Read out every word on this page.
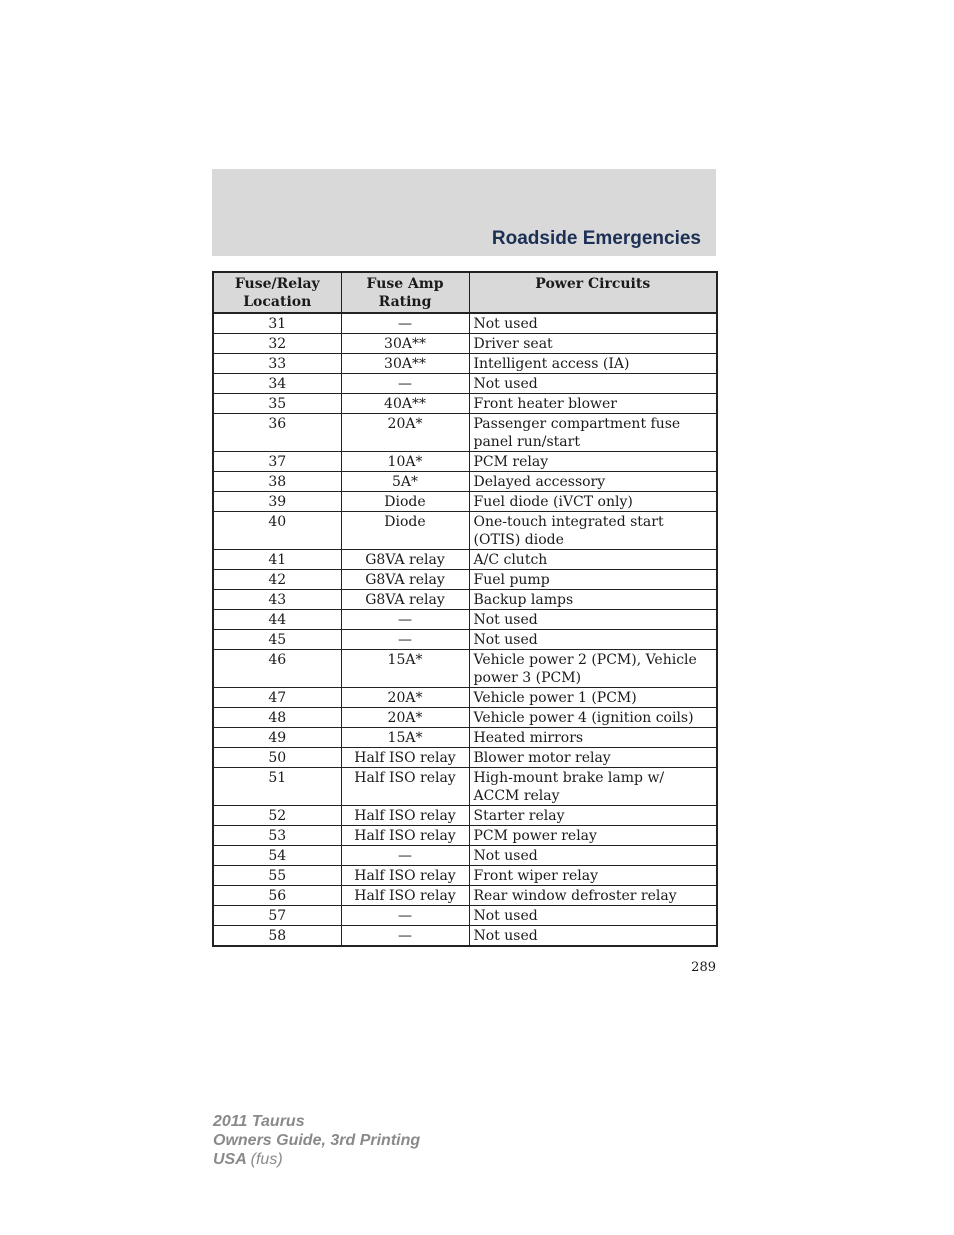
Roadside Emergencies
Fuse/Relay Location	Fuse Amp Rating	Power Circuits
31	—	Not used
32	30A**	Driver seat
33	30A**	Intelligent access (IA)
34	—	Not used
35	40A**	Front heater blower
36	20A*	Passenger compartment fuse panel run/start
37	10A*	PCM relay
38	5A*	Delayed accessory
39	Diode	Fuel diode (iVCT only)
40	Diode	One-touch integrated start (OTIS) diode
41	G8VA relay	A/C clutch
42	G8VA relay	Fuel pump
43	G8VA relay	Backup lamps
44	—	Not used
45	—	Not used
46	15A*	Vehicle power 2 (PCM), Vehicle power 3 (PCM)
47	20A*	Vehicle power 1 (PCM)
48	20A*	Vehicle power 4 (ignition coils)
49	15A*	Heated mirrors
50	Half ISO relay	Blower motor relay
51	Half ISO relay	High-mount brake lamp w/ ACCM relay
52	Half ISO relay	Starter relay
53	Half ISO relay	PCM power relay
54	—	Not used
55	Half ISO relay	Front wiper relay
56	Half ISO relay	Rear window defroster relay
57	—	Not used
58	—	Not used

289

2011 Taurus
Owners Guide, 3rd Printing
USA (fus)
